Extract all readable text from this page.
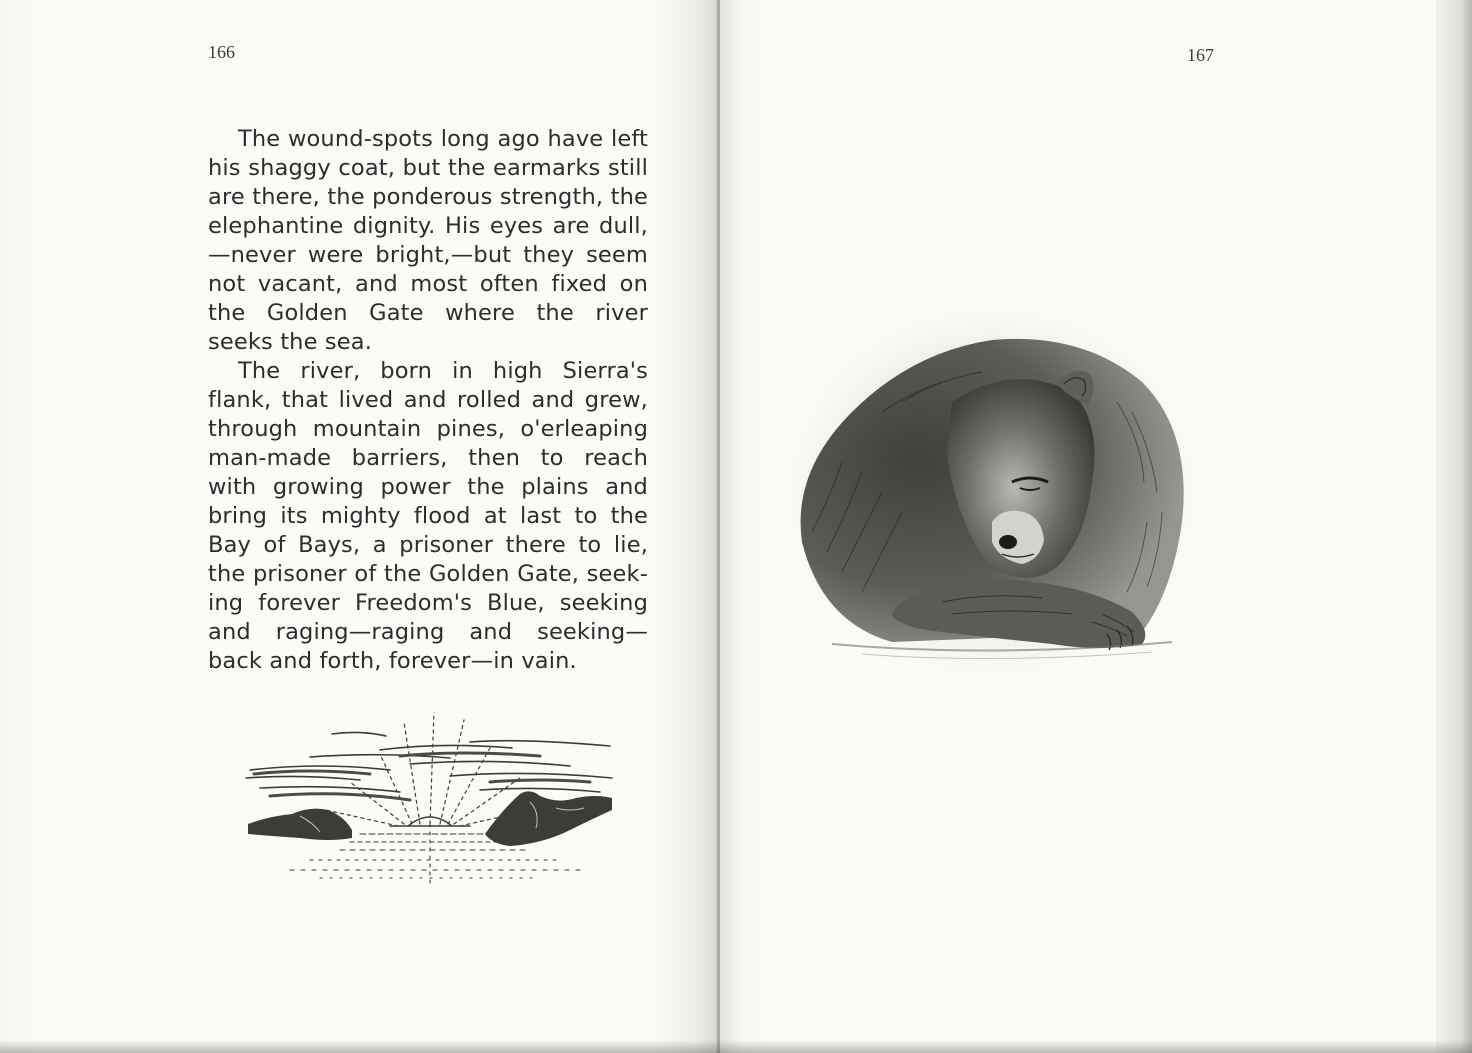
166

The wound-spots long ago have left his shaggy coat, but the earmarks still are there, the ponderous strength, the elephantine dignity. His eyes are dull, —never were bright,—but they seem not vacant, and most often fixed on the Golden Gate where the river seeks the sea.

The river, born in high Sierra's flank, that lived and rolled and grew, through mountain pines, o'erleaping man-made barriers, then to reach with growing power the plains and bring its mighty flood at last to the Bay of Bays, a prisoner there to lie, the prisoner of the Golden Gate, seek-ing forever Freedom's Blue, seeking and raging—raging and seeking— back and forth, forever—in vain.

167
